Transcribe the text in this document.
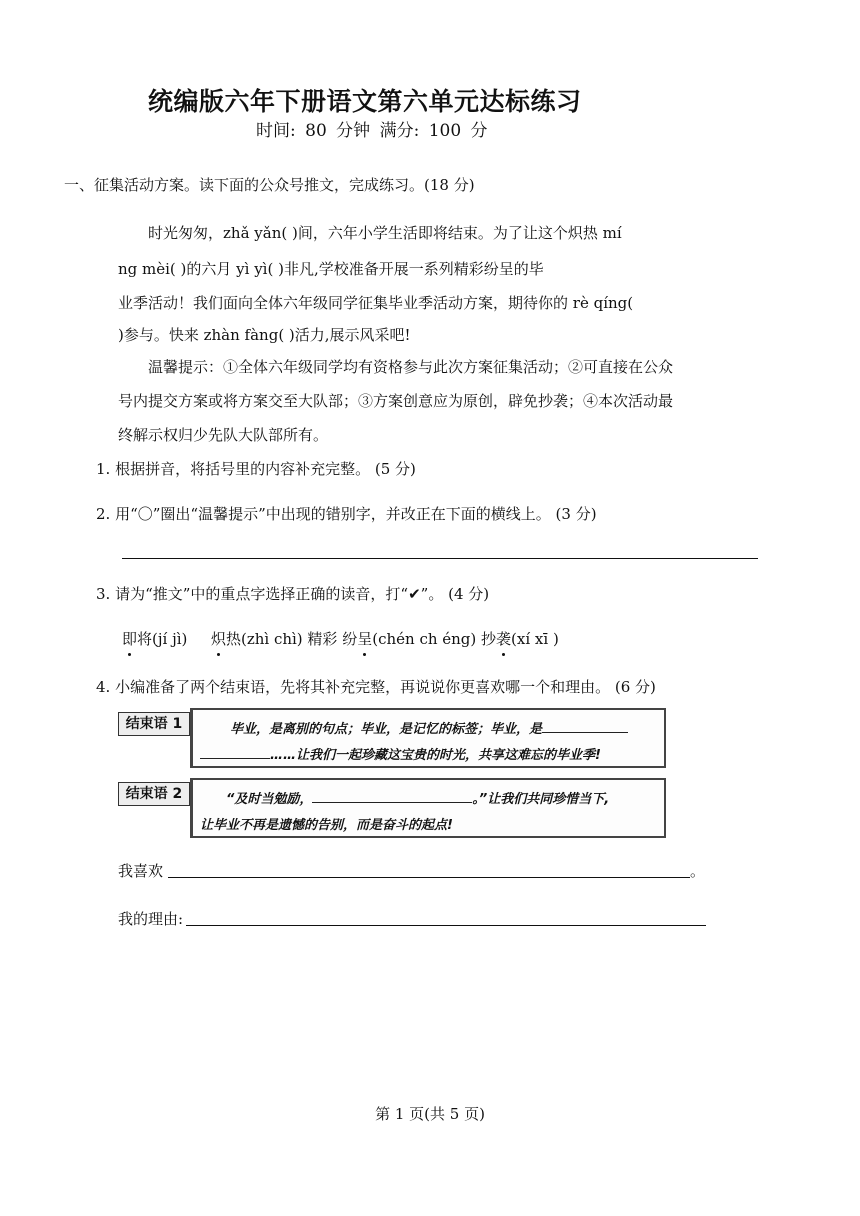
统编版六年下册语文第六单元达标练习
时间: 80 分钟 满分: 100 分
一、征集活动方案。读下面的公众号推文，完成练习。(18 分)
时光匆匆，zhǎ yǎn( )间，六年小学生活即将结束。为了让这个炽热 mí
ng mèi( )的六月 yì yì( )非凡,学校准备开展一系列精彩纷呈的毕
业季活动！我们面向全体六年级同学征集毕业季活动方案，期待你的 rè qíng(
)参与。快来 zhàn fàng( )活力,展示风采吧!
温馨提示：①全体六年级同学均有资格参与此次方案征集活动；②可直接在公众
号内提交方案或将方案交至大队部；③方案创意应为原创，辟免抄袭；④本次活动最
终解示权归少先队大队部所有。
1. 根据拼音，将括号里的内容补充完整。 (5 分)
2. 用“〇”圈出“温馨提示”中出现的错别字，并改正在下面的横线上。 (3 分)
3. 请为“推文”中的重点字选择正确的读音，打“✔”。 (4 分)
即将(jí jì) 炽热(zhì chì) 精彩 纷呈(chén ch éng) 抄袭(xí xī )
4. 小编准备了两个结束语，先将其补充完整，再说说你更喜欢哪一个和理由。 (6 分)
结束语 1	毕业，是离别的句点；毕业，是记忆的标签；毕业，是
……让我们一起珍藏这宝贵的时光，共享这难忘的毕业季!
结束语 2	“及时当勉励，	。”让我们共同珍惜当下,
让毕业不再是遗憾的告别，而是奋斗的起点!
我喜欢	。
我的理由:
第 1 页(共 5 页)
